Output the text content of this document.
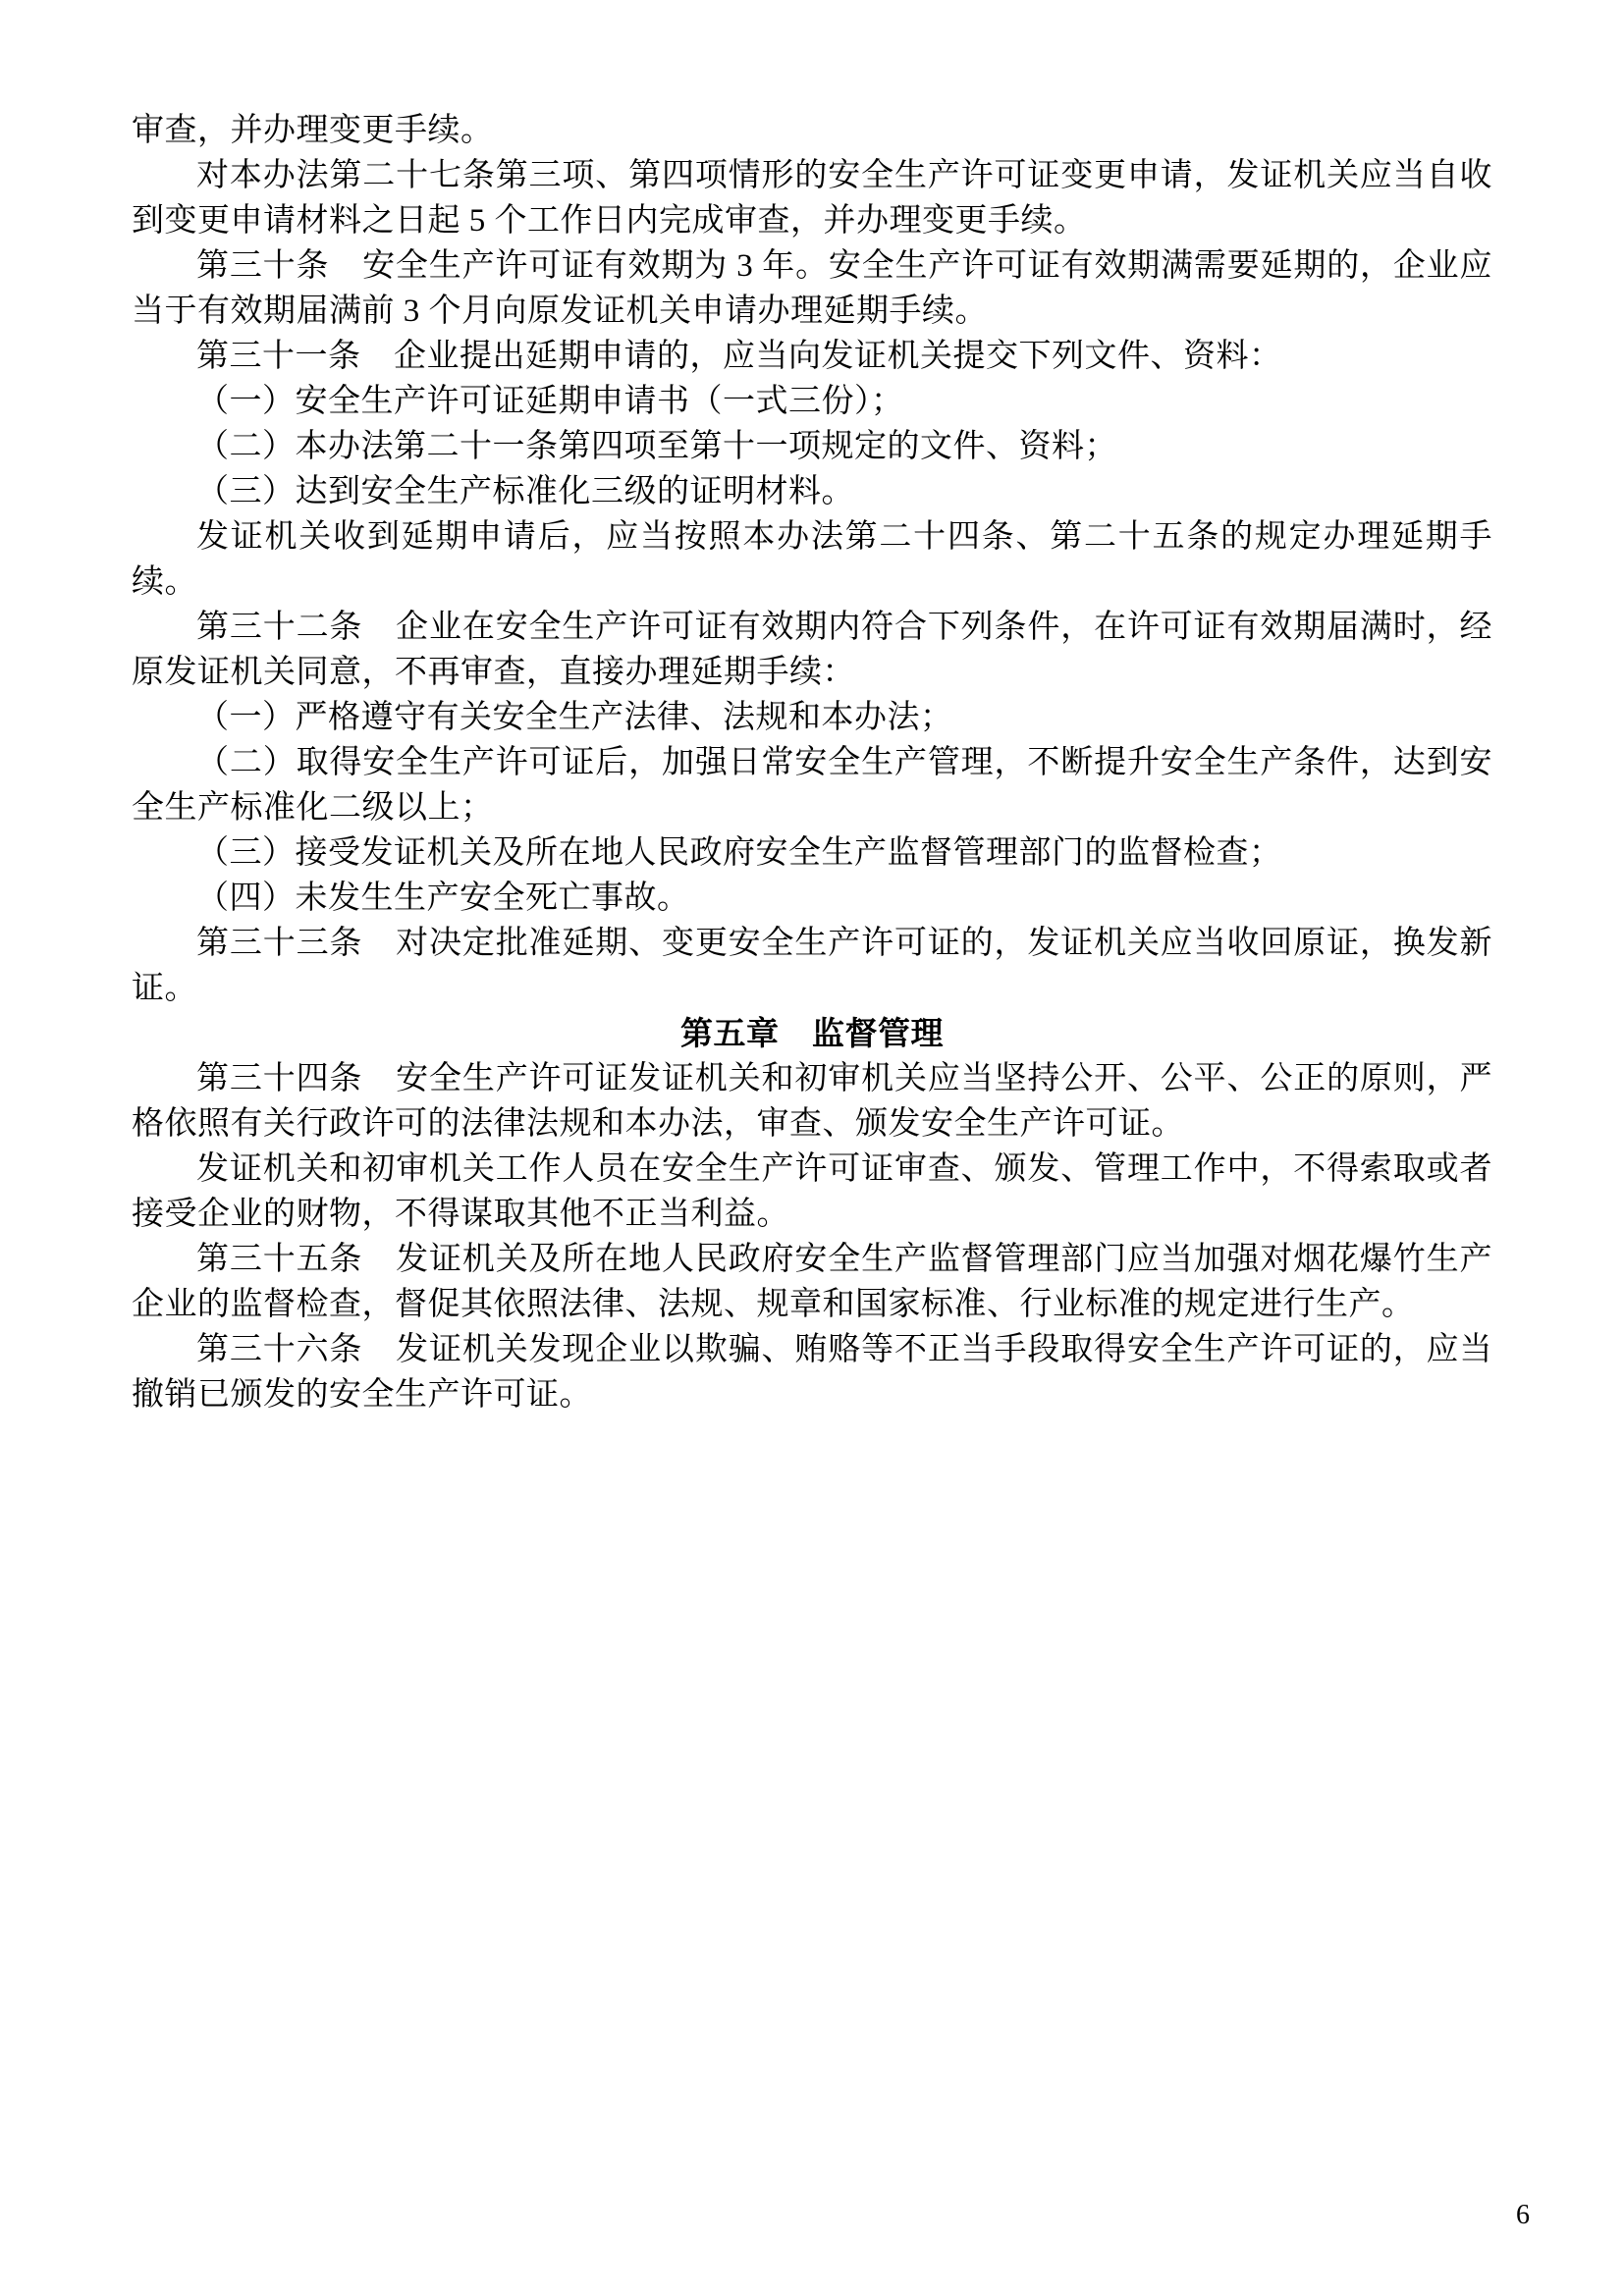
审查，并办理变更手续。

对本办法第二十七条第三项、第四项情形的安全生产许可证变更申请，发证机关应当自收到变更申请材料之日起 5 个工作日内完成审查，并办理变更手续。

第三十条　安全生产许可证有效期为 3 年。安全生产许可证有效期满需要延期的，企业应当于有效期届满前 3 个月向原发证机关申请办理延期手续。

第三十一条　企业提出延期申请的，应当向发证机关提交下列文件、资料：

（一）安全生产许可证延期申请书（一式三份）；

（二）本办法第二十一条第四项至第十一项规定的文件、资料；

（三）达到安全生产标准化三级的证明材料。

发证机关收到延期申请后，应当按照本办法第二十四条、第二十五条的规定办理延期手续。

第三十二条　企业在安全生产许可证有效期内符合下列条件，在许可证有效期届满时，经原发证机关同意，不再审查，直接办理延期手续：

（一）严格遵守有关安全生产法律、法规和本办法；

（二）取得安全生产许可证后，加强日常安全生产管理，不断提升安全生产条件，达到安全生产标准化二级以上；

（三）接受发证机关及所在地人民政府安全生产监督管理部门的监督检查；

（四）未发生生产安全死亡事故。

第三十三条　对决定批准延期、变更安全生产许可证的，发证机关应当收回原证，换发新证。

第五章　监督管理

第三十四条　安全生产许可证发证机关和初审机关应当坚持公开、公平、公正的原则，严格依照有关行政许可的法律法规和本办法，审查、颁发安全生产许可证。

发证机关和初审机关工作人员在安全生产许可证审查、颁发、管理工作中，不得索取或者接受企业的财物，不得谋取其他不正当利益。

第三十五条　发证机关及所在地人民政府安全生产监督管理部门应当加强对烟花爆竹生产企业的监督检查，督促其依照法律、法规、规章和国家标准、行业标准的规定进行生产。

第三十六条　发证机关发现企业以欺骗、贿赂等不正当手段取得安全生产许可证的，应当撤销已颁发的安全生产许可证。

6
